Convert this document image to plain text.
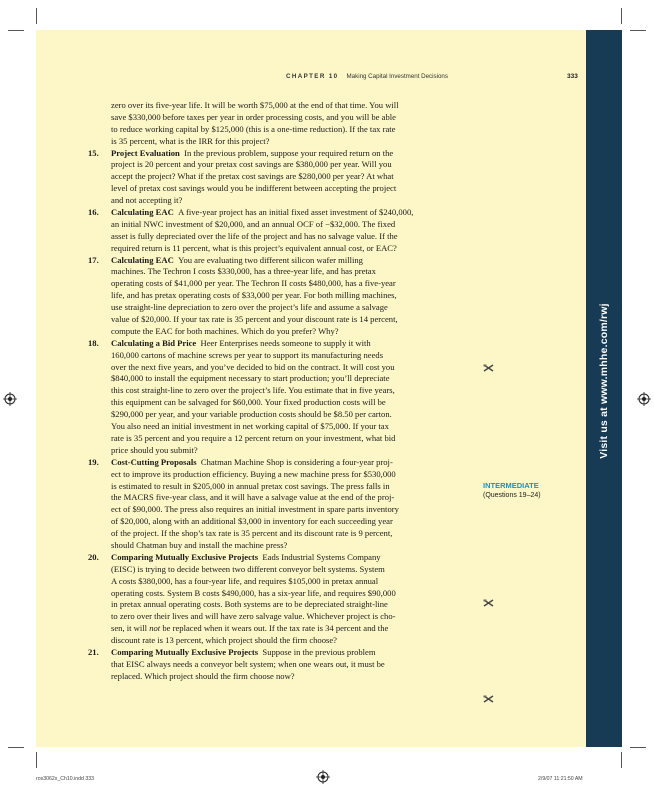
Visit us at www.mhhe.com/rwj
CHAPTER 10 Making Capital Investment Decisions	333
zero over its five-year life. It will be worth $75,000 at the end of that time. You will
save $330,000 before taxes per year in order processing costs, and you will be able
to reduce working capital by $125,000 (this is a one-time reduction). If the tax rate
is 35 percent, what is the IRR for this project?
15. Project Evaluation  In the previous problem, suppose your required return on the
project is 20 percent and your pretax cost savings are $380,000 per year. Will you
accept the project? What if the pretax cost savings are $280,000 per year? At what
level of pretax cost savings would you be indifferent between accepting the project
and not accepting it?
16. Calculating EAC  A five-year project has an initial fixed asset investment of $240,000,
an initial NWC investment of $20,000, and an annual OCF of −$32,000. The fixed
asset is fully depreciated over the life of the project and has no salvage value. If the
required return is 11 percent, what is this project’s equivalent annual cost, or EAC?
17. Calculating EAC  You are evaluating two different silicon wafer milling
machines. The Techron I costs $330,000, has a three-year life, and has pretax
operating costs of $41,000 per year. The Techron II costs $480,000, has a five-year
life, and has pretax operating costs of $33,000 per year. For both milling machines,
use straight-line depreciation to zero over the project’s life and assume a salvage
value of $20,000. If your tax rate is 35 percent and your discount rate is 14 percent,
compute the EAC for both machines. Which do you prefer? Why?
18. Calculating a Bid Price  Heer Enterprises needs someone to supply it with
160,000 cartons of machine screws per year to support its manufacturing needs
over the next five years, and you’ve decided to bid on the contract. It will cost you
$840,000 to install the equipment necessary to start production; you’ll depreciate
this cost straight-line to zero over the project’s life. You estimate that in five years,
this equipment can be salvaged for $60,000. Your fixed production costs will be
$290,000 per year, and your variable production costs should be $8.50 per carton.
You also need an initial investment in net working capital of $75,000. If your tax
rate is 35 percent and you require a 12 percent return on your investment, what bid
price should you submit?
19. Cost-Cutting Proposals  Chatman Machine Shop is considering a four-year proj-
ect to improve its production efficiency. Buying a new machine press for $530,000
is estimated to result in $205,000 in annual pretax cost savings. The press falls in
the MACRS five-year class, and it will have a salvage value at the end of the proj-
ect of $90,000. The press also requires an initial investment in spare parts inventory
of $20,000, along with an additional $3,000 in inventory for each succeeding year
of the project. If the shop’s tax rate is 35 percent and its discount rate is 9 percent,
should Chatman buy and install the machine press?
20. Comparing Mutually Exclusive Projects  Eads Industrial Systems Company
(EISC) is trying to decide between two different conveyor belt systems. System
A costs $380,000, has a four-year life, and requires $105,000 in pretax annual
operating costs. System B costs $490,000, has a six-year life, and requires $90,000
in pretax annual operating costs. Both systems are to be depreciated straight-line
to zero over their lives and will have zero salvage value. Whichever project is cho-
sen, it will not be replaced when it wears out. If the tax rate is 34 percent and the
discount rate is 13 percent, which project should the firm choose?
21. Comparing Mutually Exclusive Projects  Suppose in the previous problem
that EISC always needs a conveyor belt system; when one wears out, it must be
replaced. Which project should the firm choose now?
INTERMEDIATE
(Questions 19–24)
ros3062x_Ch10.indd 333	2/9/07 11:21:50 AM
